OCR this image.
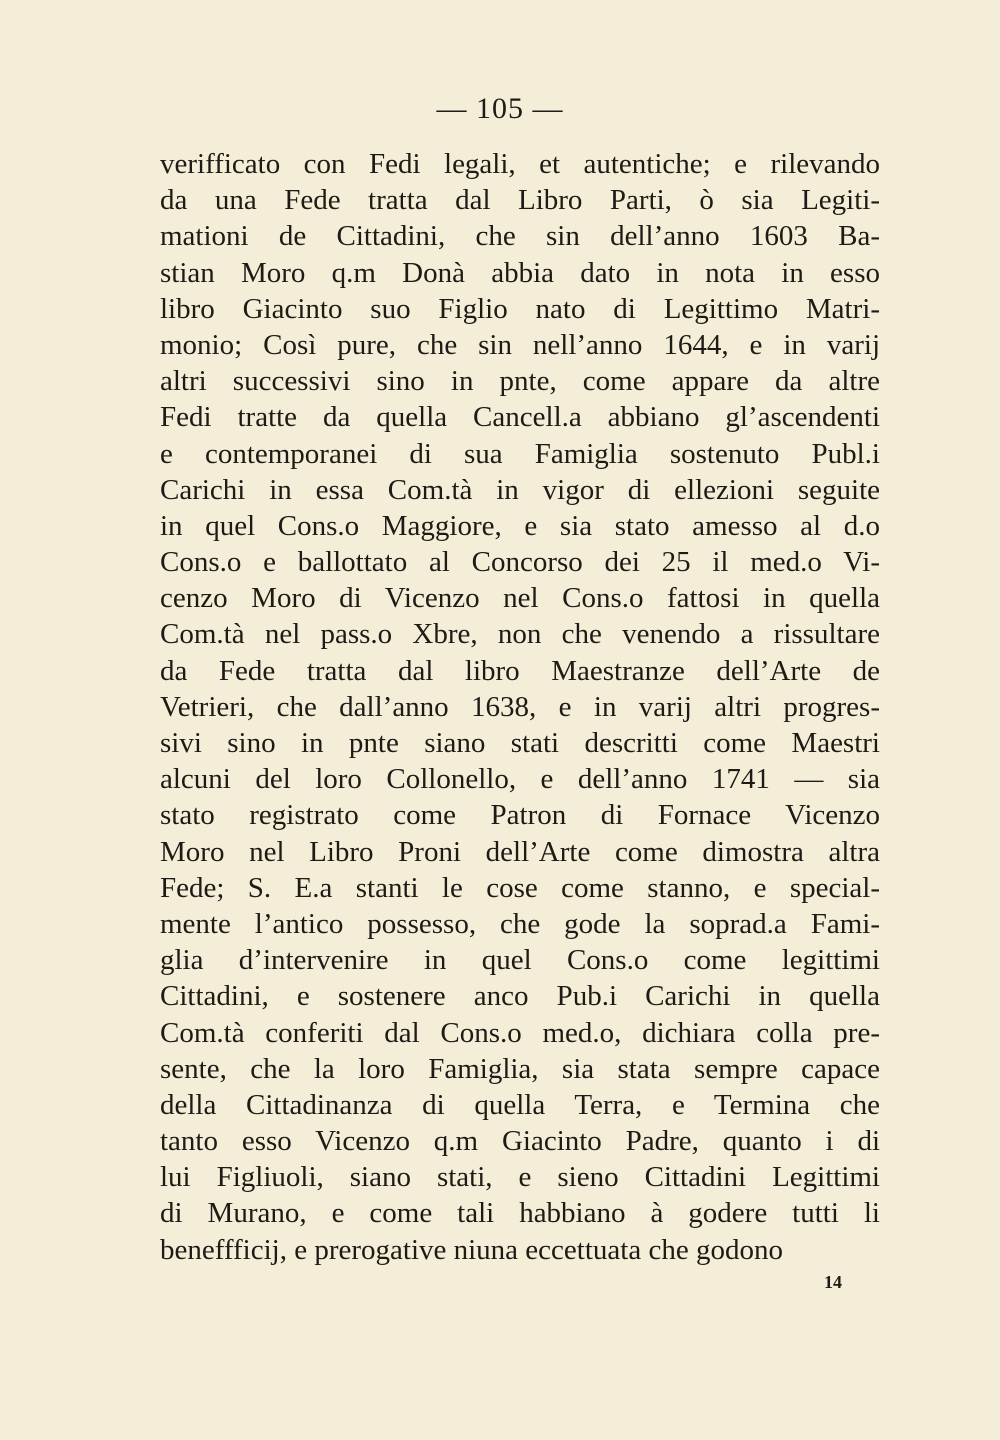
— 105 —
verifficato con Fedi legali, et autentiche; e rilevando
da una Fede tratta dal Libro Parti, ò sia Legiti-
mationi de Cittadini, che sin dell’anno 1603 Ba-
stian Moro q.m Donà abbia dato in nota in esso
libro Giacinto suo Figlio nato di Legittimo Matri-
monio; Così pure, che sin nell’anno 1644, e in varij
altri successivi sino in pnte, come appare da altre
Fedi tratte da quella Cancell.a abbiano gl’ascendenti
e contemporanei di sua Famiglia sostenuto Publ.i
Carichi in essa Com.tà in vigor di ellezioni seguite
in quel Cons.o Maggiore, e sia stato amesso al d.o
Cons.o e ballottato al Concorso dei 25 il med.o Vi-
cenzo Moro di Vicenzo nel Cons.o fattosi in quella
Com.tà nel pass.o Xbre, non che venendo a rissultare
da Fede tratta dal libro Maestranze dell’Arte de
Vetrieri, che dall’anno 1638, e in varij altri progres-
sivi sino in pnte siano stati descritti come Maestri
alcuni del loro Collonello, e dell’anno 1741 — sia
stato registrato come Patron di Fornace Vicenzo
Moro nel Libro Proni dell’Arte come dimostra altra
Fede; S. E.a stanti le cose come stanno, e special-
mente l’antico possesso, che gode la soprad.a Fami-
glia d’intervenire in quel Cons.o come legittimi
Cittadini, e sostenere anco Pub.i Carichi in quella
Com.tà conferiti dal Cons.o med.o, dichiara colla pre-
sente, che la loro Famiglia, sia stata sempre capace
della Cittadinanza di quella Terra, e Termina che
tanto esso Vicenzo q.m Giacinto Padre, quanto i di
lui Figliuoli, siano stati, e sieno Cittadini Legittimi
di Murano, e come tali habbiano à godere tutti li
beneffficij, e prerogative niuna eccettuata che godono
14
